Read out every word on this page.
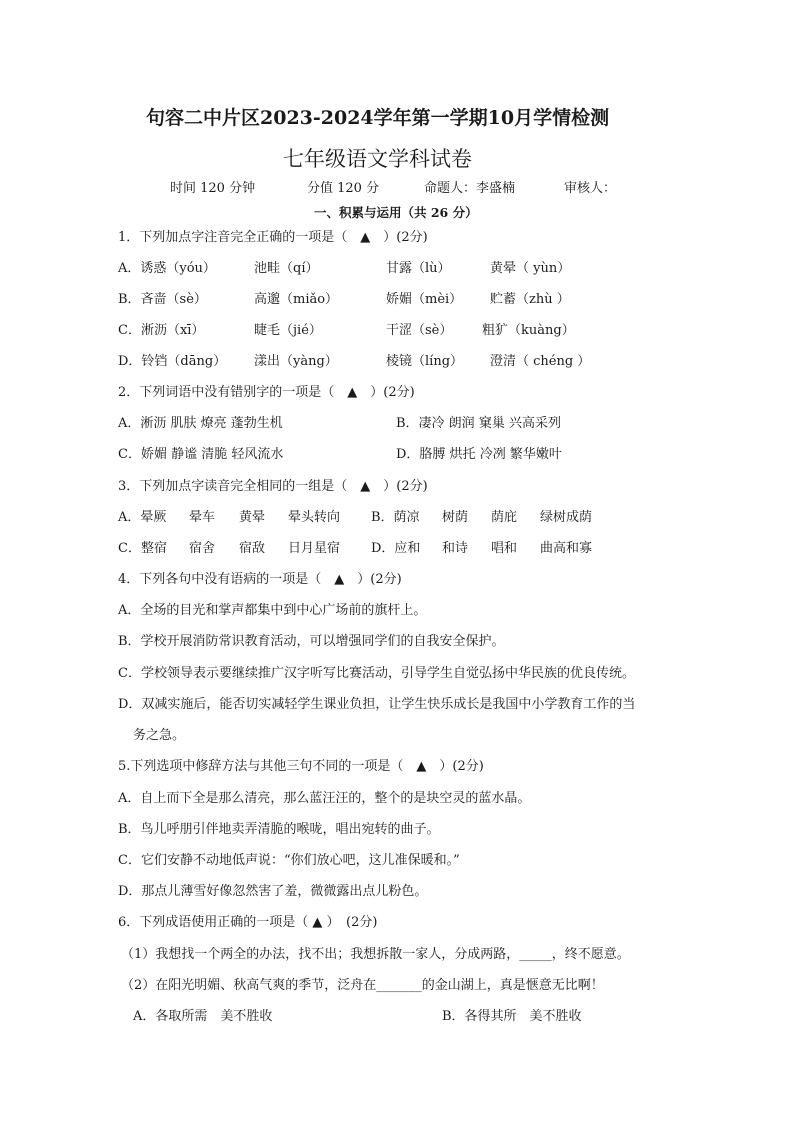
句容二中片区2023-2024学年第一学期10月学情检测
七年级语文学科试卷
时间 120 分钟	分值 120 分	命题人：李盛楠	审核人：
一、积累与运用（共 26 分）
1．下列加点字注音完全正确的一项是（　▲　）(2分)
A．诱惑（yóu）	池畦（qí）	甘露（lù）	黄晕（ yùn）
B．吝啬（sè）	高邈（miǎo）	娇媚（mèi） 贮蓄（zhù ）
C．淅沥（xī）	睫毛（jié）	干涩（sè） 粗犷（kuàng）
D．铃铛（dāng） 漾出（yàng）	棱镜（líng） 澄清（ chéng ）
2．下列词语中没有错别字的一项是（　▲　）(2分)
A．淅沥 肌肤 燎亮 蓬勃生机	B．凄冷 朗润 窠巢 兴高采列
C．娇媚 静谧 清脆 轻风流水	D．胳膊 烘托 冷冽 繁华嫩叶
3．下列加点字读音完全相同的一组是（　▲　）(2分)
A．晕厥 晕车 黄晕 晕头转向 B．荫凉 树荫 荫庇 绿树成荫
C．整宿 宿舍 宿敌 日月星宿 D．应和 和诗 唱和 曲高和寡
4．下列各句中没有语病的一项是（　▲　）(2分)
A．全场的目光和掌声都集中到中心广场前的旗杆上。
B．学校开展消防常识教育活动，可以增强同学们的自我安全保护。
C．学校领导表示要继续推广汉字听写比赛活动，引导学生自觉弘扬中华民族的优良传统。
D．双减实施后，能否切实减轻学生课业负担，让学生快乐成长是我国中小学教育工作的当
务之急。
5.下列选项中修辞方法与其他三句不同的一项是（　▲　）(2分)
A．自上而下全是那么清亮，那么蓝汪汪的，整个的是块空灵的蓝水晶。
B．鸟儿呼朋引伴地卖弄清脆的喉咙，唱出宛转的曲子。
C．它们安静不动地低声说：“你们放心吧，这儿准保暖和。”
D．那点儿薄雪好像忽然害了羞，微微露出点儿粉色。
6．下列成语使用正确的一项是（ ▲ ）　(2分)
（1）我想找一个两全的办法，找不出；我想拆散一家人，分成两路，_____，终不愿意。
（2）在阳光明媚、秋高气爽的季节，泛舟在_______的金山湖上，真是惬意无比啊！
A．各取所需　美不胜收	B．各得其所　美不胜收
